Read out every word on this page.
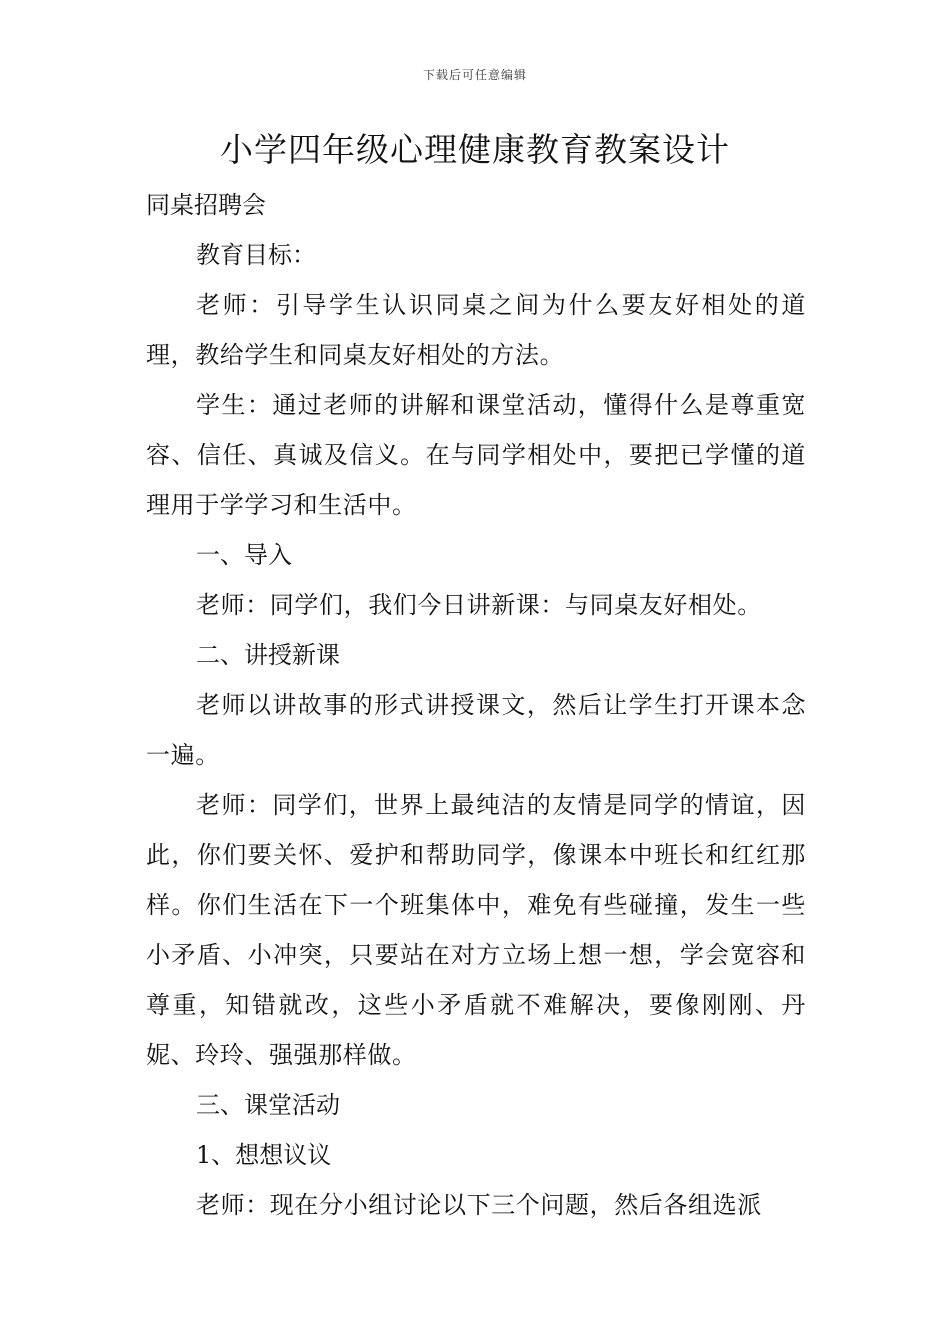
下载后可任意编辑
小学四年级心理健康教育教案设计

同桌招聘会

教育目标：

老师：引导学生认识同桌之间为什么要友好相处的道理，教给学生和同桌友好相处的方法。

学生：通过老师的讲解和课堂活动，懂得什么是尊重宽容、信任、真诚及信义。在与同学相处中，要把已学懂的道理用于学学习和生活中。

一、导入

老师：同学们，我们今日讲新课：与同桌友好相处。

二、讲授新课

老师以讲故事的形式讲授课文，然后让学生打开课本念一遍。

老师：同学们，世界上最纯洁的友情是同学的情谊，因此，你们要关怀、爱护和帮助同学，像课本中班长和红红那样。你们生活在下一个班集体中，难免有些碰撞，发生一些小矛盾、小冲突，只要站在对方立场上想一想，学会宽容和尊重，知错就改，这些小矛盾就不难解决，要像刚刚、丹妮、玲玲、强强那样做。

三、课堂活动

1、想想议议

老师：现在分小组讨论以下三个问题，然后各组选派
